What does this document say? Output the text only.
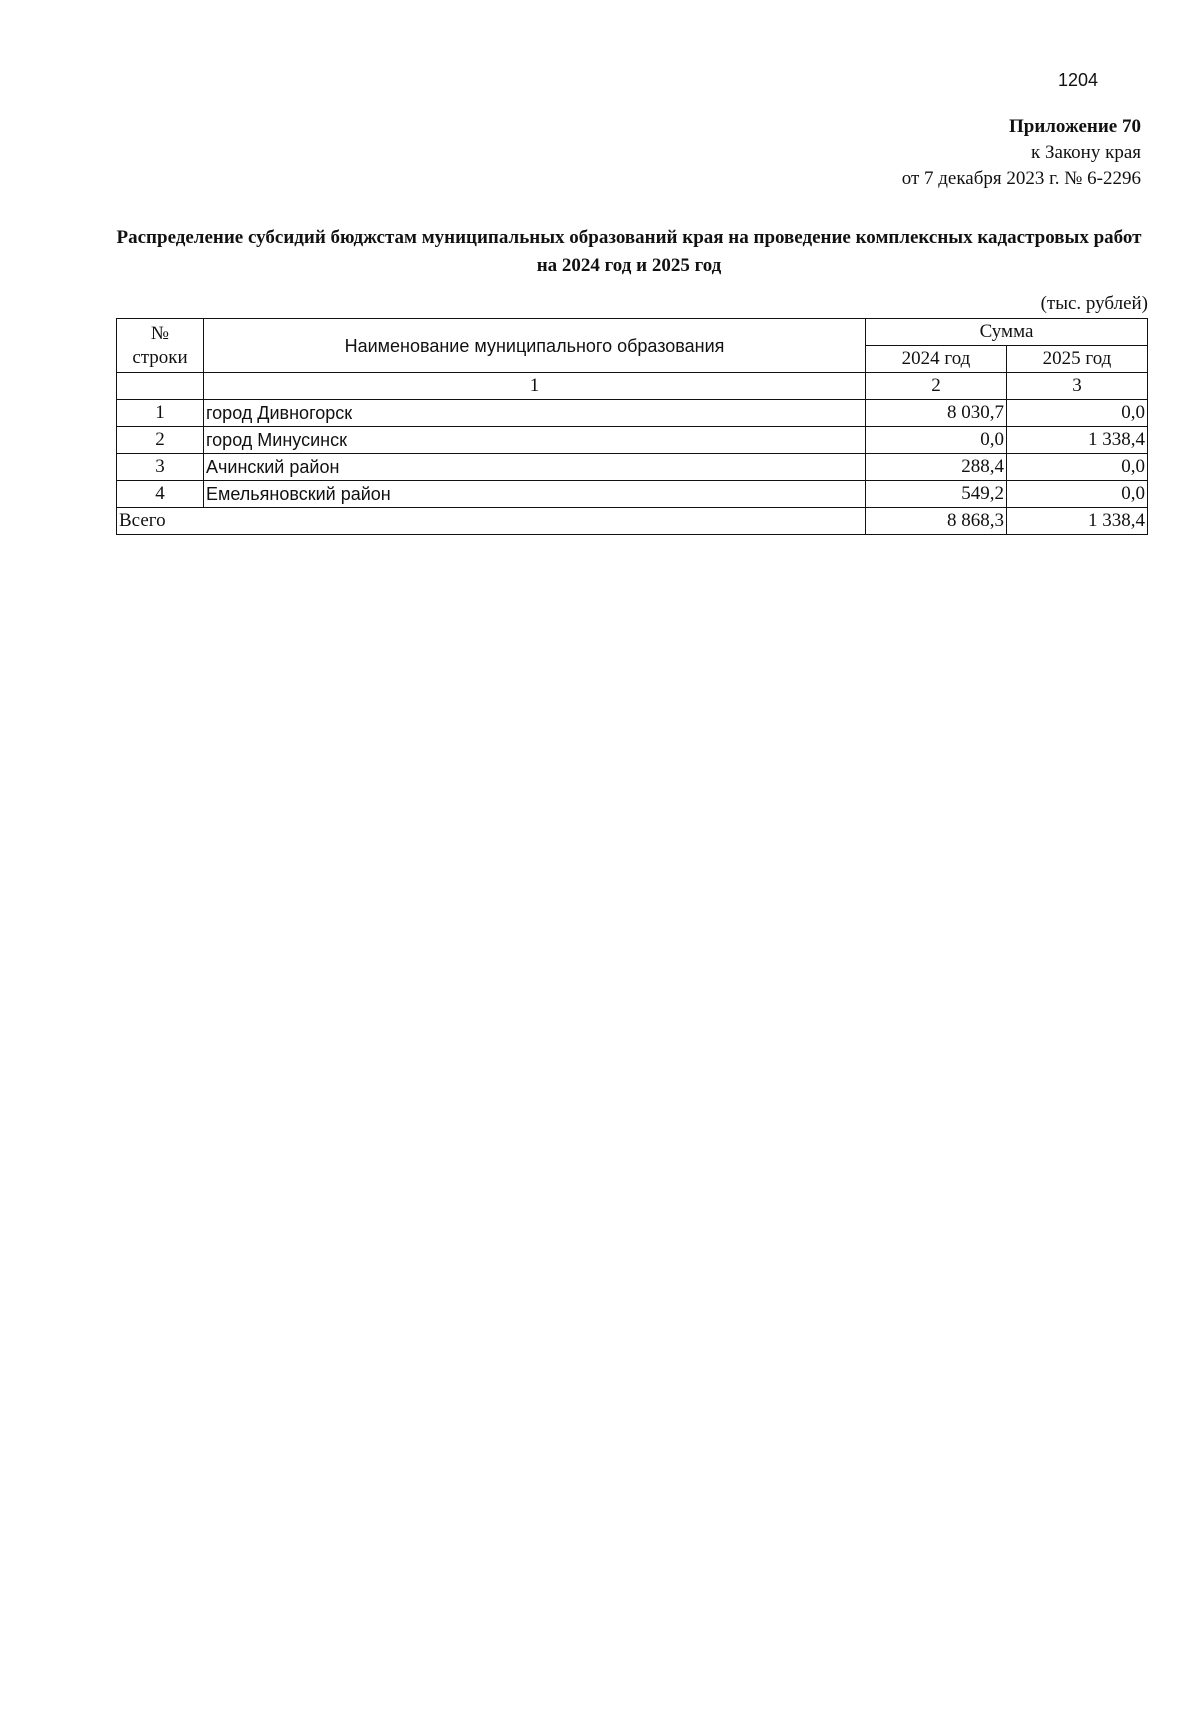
1204
Приложение 70
к Закону края
от 7 декабря 2023 г. № 6-2296
Распределение субсидий бюджстам муниципальных образований края на проведение комплексных кадастровых работ на 2024 год и 2025 год
(тыс. рублей)
№
строки	Наименование муниципального образования	Сумма	
		2024 год	2025 год
	1	2	3
1	город Дивногорск	8 030,7	0,0
2	город Минусинск	0,0	1 338,4
3	Ачинский район	288,4	0,0
4	Емельяновский район	549,2	0,0
Всего		8 868,3	1 338,4
